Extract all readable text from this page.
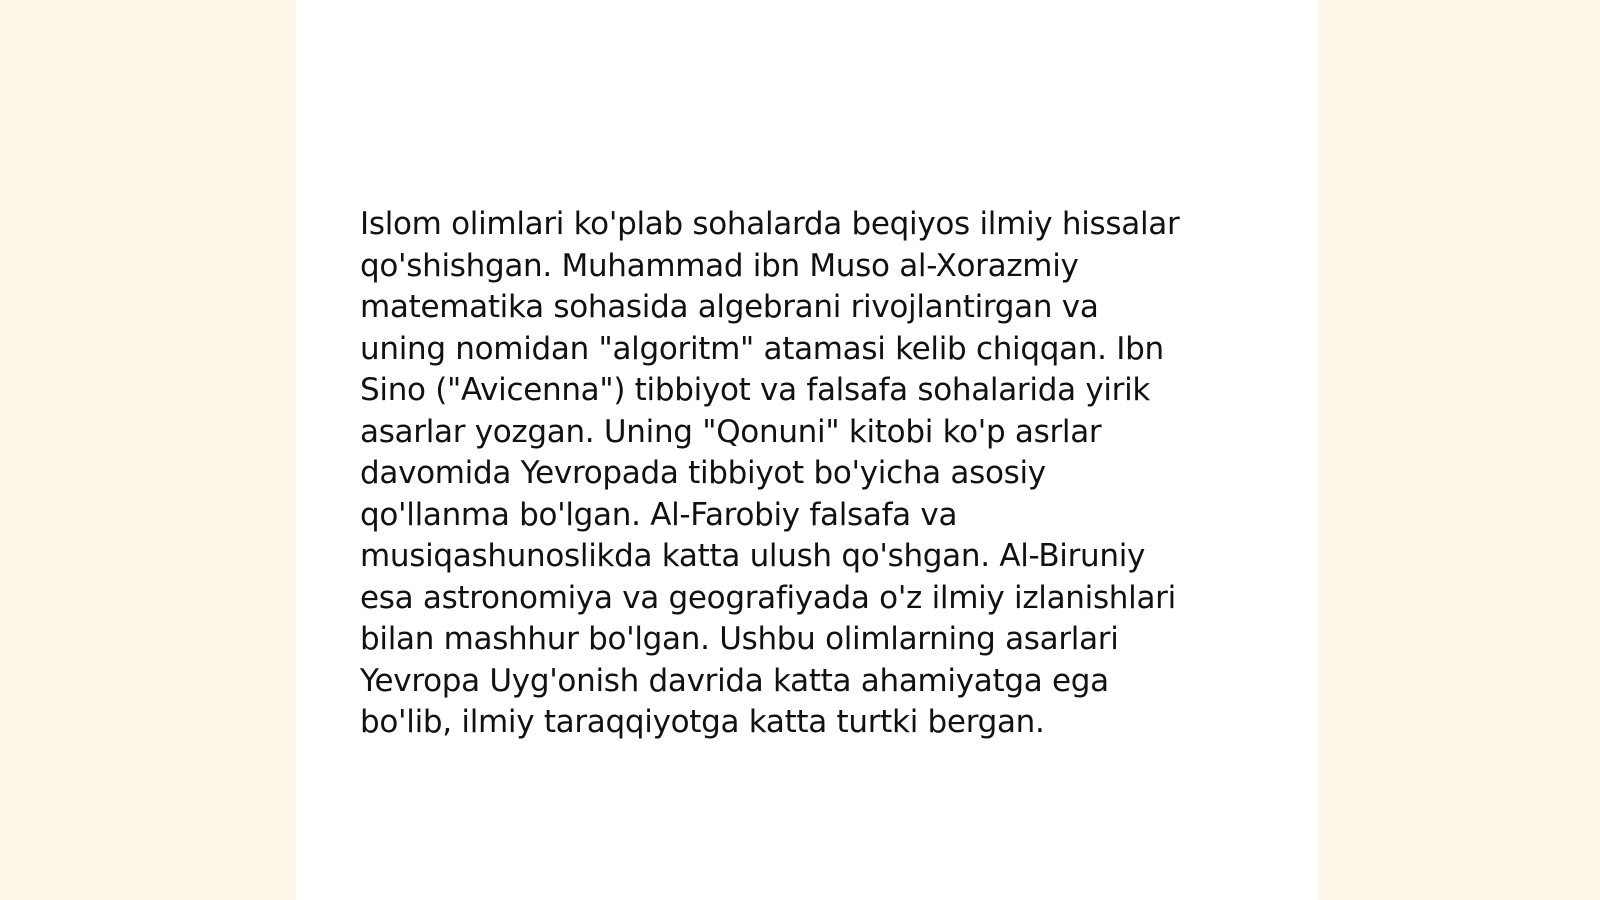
Islom olimlari ko'plab sohalarda beqiyos ilmiy hissalar
qo'shishgan. Muhammad ibn Muso al-Xorazmiy
matematika sohasida algebrani rivojlantirgan va
uning nomidan "algoritm" atamasi kelib chiqqan. Ibn
Sino ("Avicenna") tibbiyot va falsafa sohalarida yirik
asarlar yozgan. Uning "Qonuni" kitobi ko'p asrlar
davomida Yevropada tibbiyot bo'yicha asosiy
qo'llanma bo'lgan. Al-Farobiy falsafa va
musiqashunoslikda katta ulush qo'shgan. Al-Biruniy
esa astronomiya va geografiyada o'z ilmiy izlanishlari
bilan mashhur bo'lgan. Ushbu olimlarning asarlari
Yevropa Uyg'onish davrida katta ahamiyatga ega
bo'lib, ilmiy taraqqiyotga katta turtki bergan.
